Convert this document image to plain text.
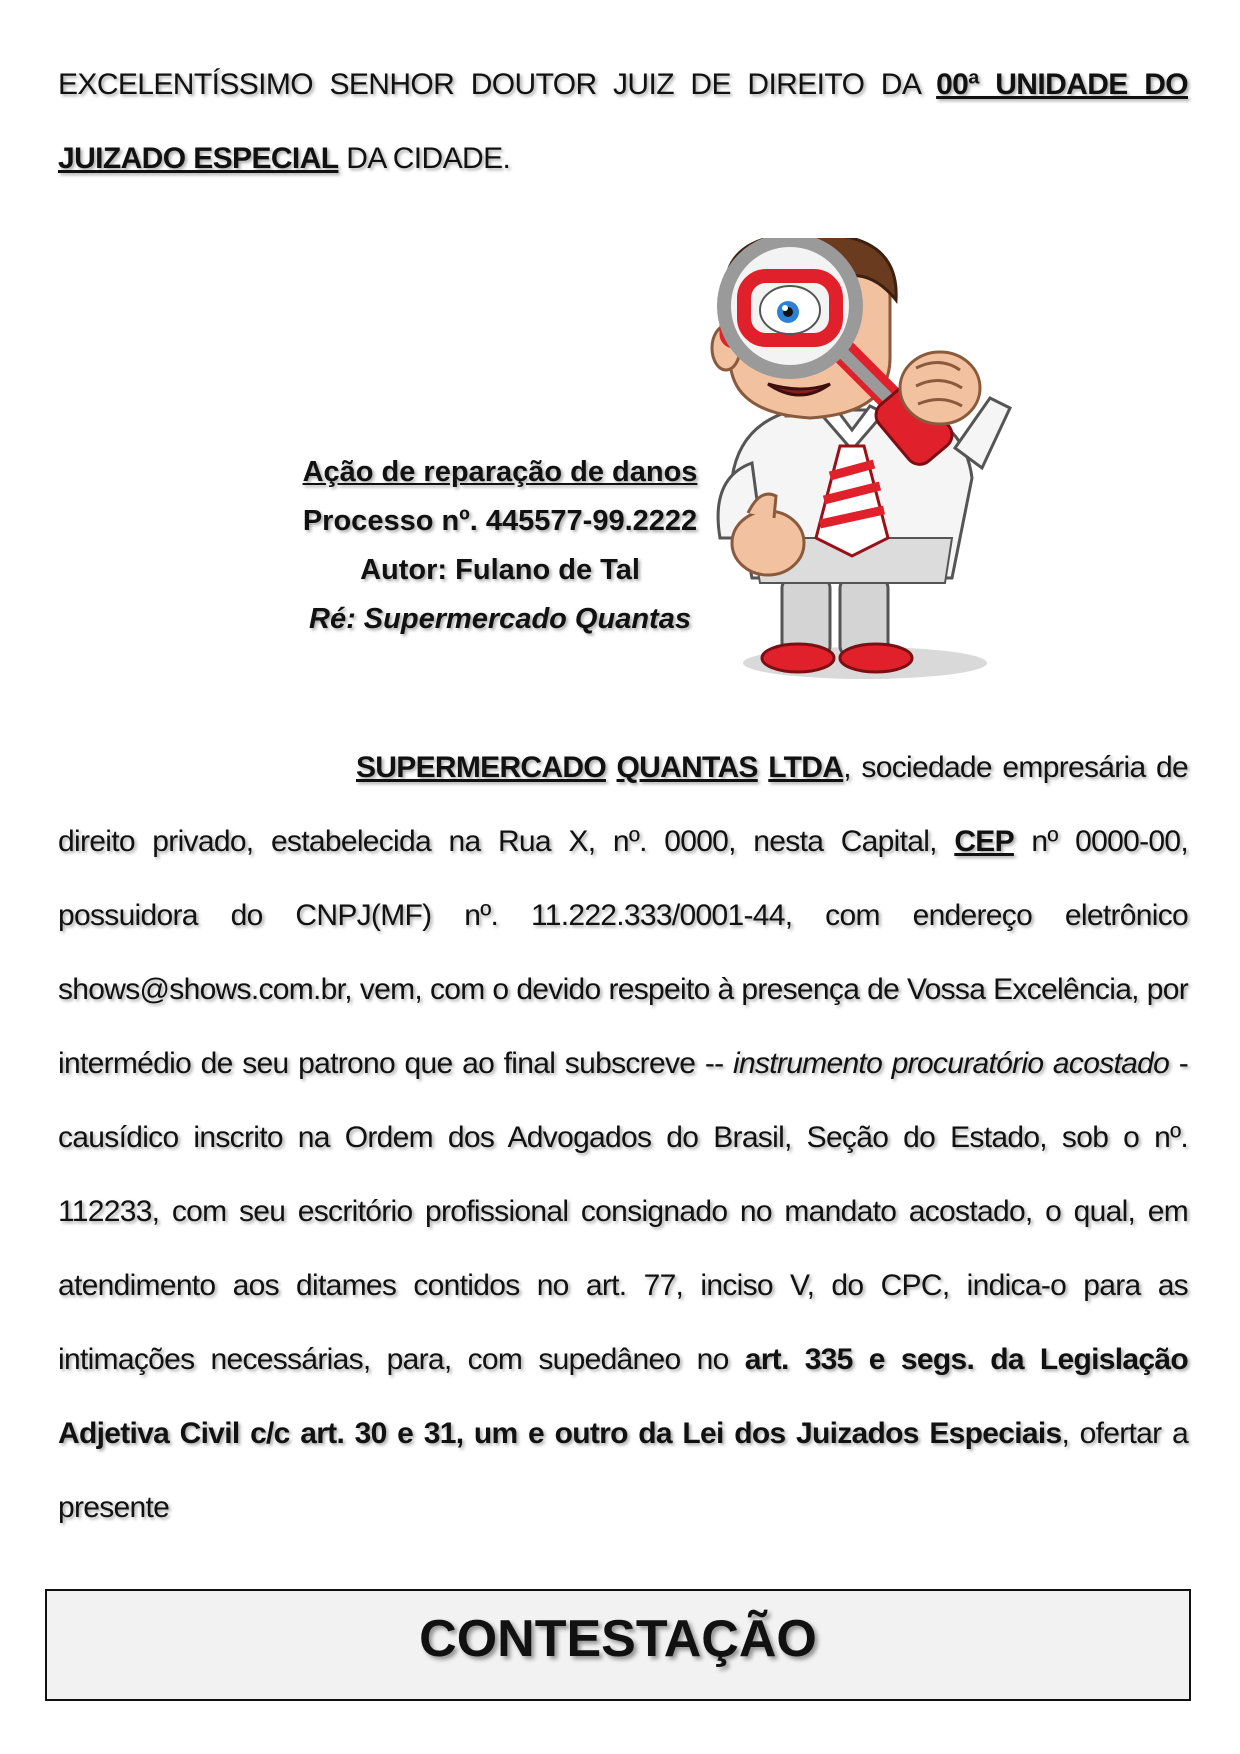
EXCELENTÍSSIMO SENHOR DOUTOR JUIZ DE DIREITO DA 00ª UNIDADE DO JUIZADO ESPECIAL DA CIDADE.
Ação de reparação de danos
Processo nº. 445577-99.2222
Autor: Fulano de Tal
Ré: Supermercado Quantas
SUPERMERCADO QUANTAS LTDA, sociedade empresária de direito privado, estabelecida na Rua X, nº. 0000, nesta Capital, CEP nº 0000-00, possuidora do CNPJ(MF) nº. 11.222.333/0001-44, com endereço eletrônico shows@shows.com.br, vem, com o devido respeito à presença de Vossa Excelência, por intermédio de seu patrono que ao final subscreve -- instrumento procuratório acostado - causídico inscrito na Ordem dos Advogados do Brasil, Seção do Estado, sob o nº. 112233, com seu escritório profissional consignado no mandato acostado, o qual, em atendimento aos ditames contidos no art. 77, inciso V, do CPC, indica-o para as intimações necessárias, para, com supedâneo no art. 335 e segs. da Legislação Adjetiva Civil c/c art. 30 e 31, um e outro da Lei dos Juizados Especiais, ofertar a presente
CONTESTAÇÃO
